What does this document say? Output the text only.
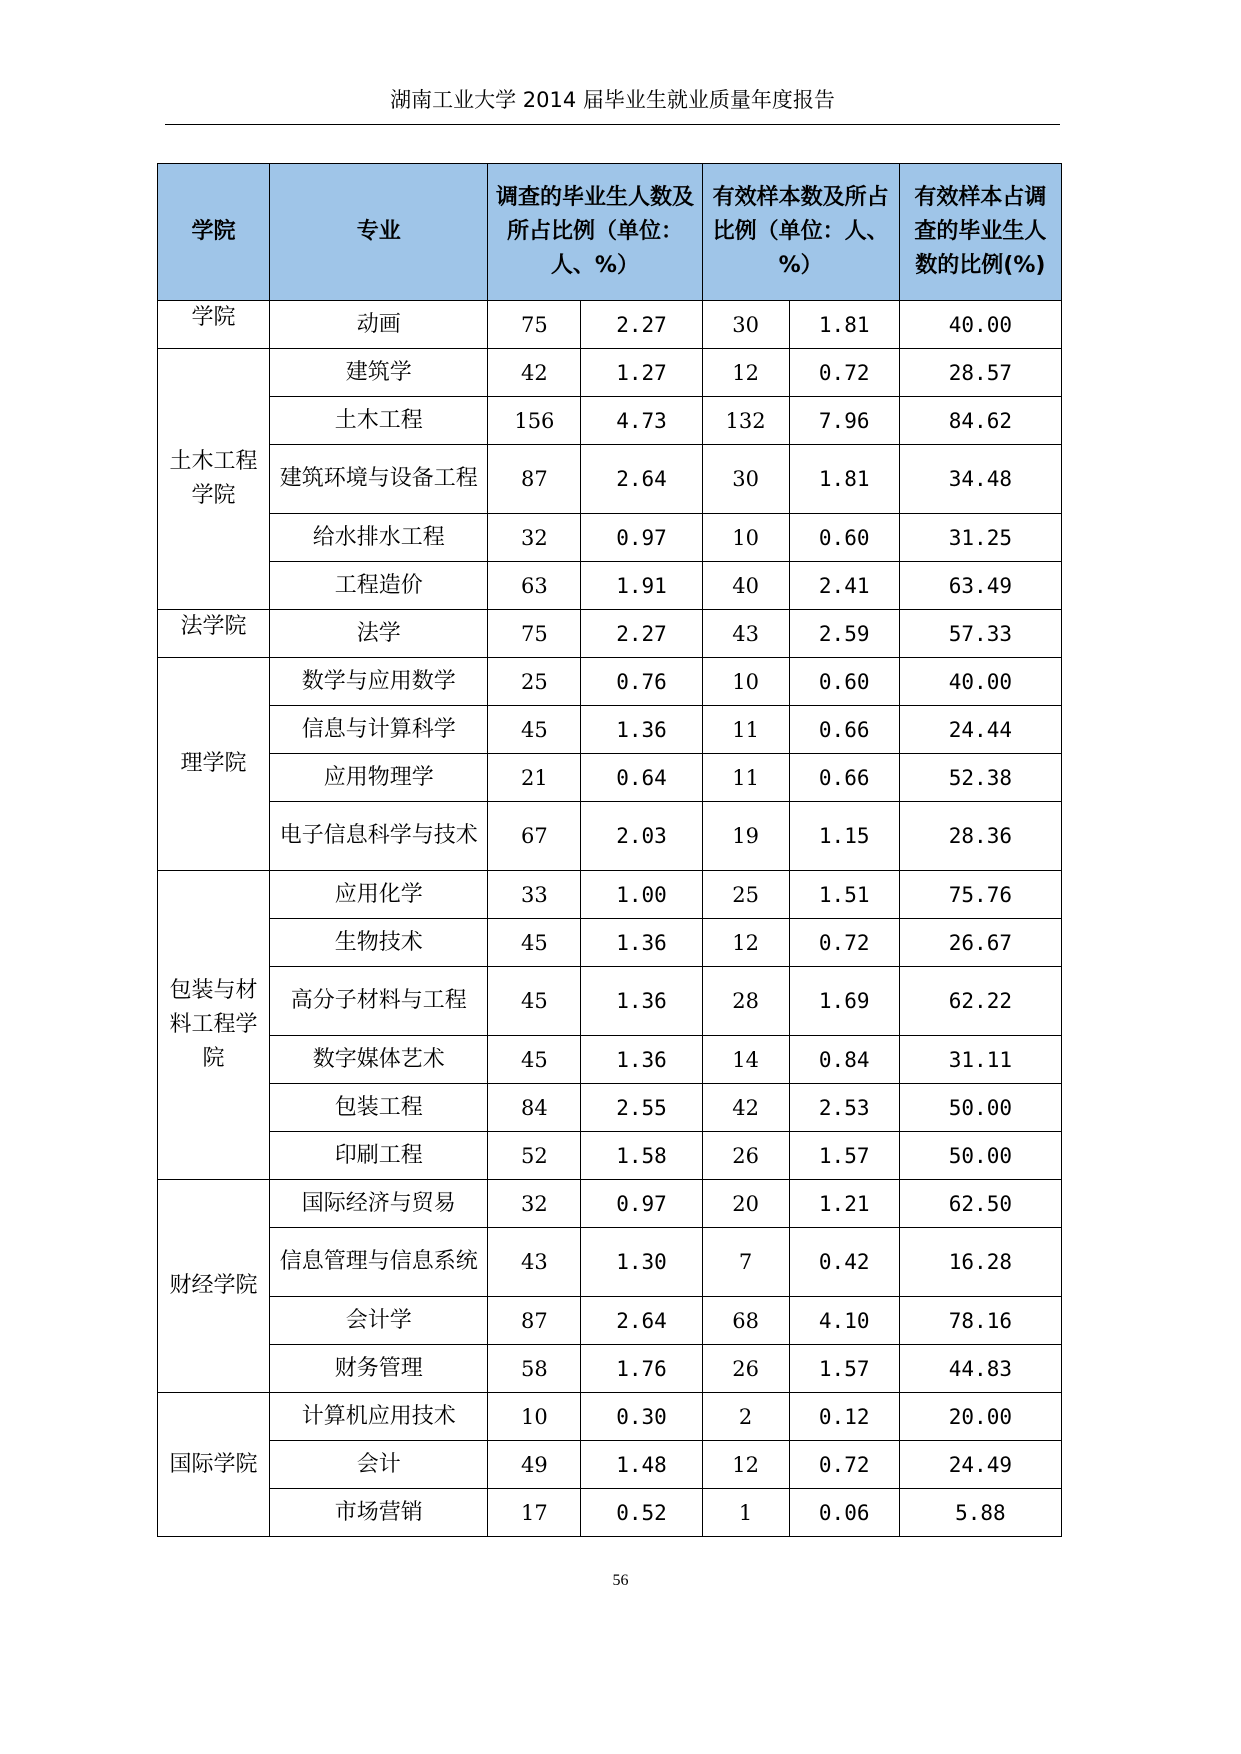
湖南工业大学 2014 届毕业生就业质量年度报告
学院	专业	调查的毕业生人数及所占比例（单位：人、%）		有效样本数及所占比例（单位：人、%）		有效样本占调查的毕业生人数的比例(%)
学院	动画	75	2.27	30	1.81	40.00
土木工程学院	建筑学	42	1.27	12	0.72	28.57
	土木工程	156	4.73	132	7.96	84.62
	建筑环境与设备工程	87	2.64	30	1.81	34.48
	给水排水工程	32	0.97	10	0.60	31.25
	工程造价	63	1.91	40	2.41	63.49
法学院	法学	75	2.27	43	2.59	57.33
理学院	数学与应用数学	25	0.76	10	0.60	40.00
	信息与计算科学	45	1.36	11	0.66	24.44
	应用物理学	21	0.64	11	0.66	52.38
	电子信息科学与技术	67	2.03	19	1.15	28.36
包装与材料工程学院	应用化学	33	1.00	25	1.51	75.76
	生物技术	45	1.36	12	0.72	26.67
	高分子材料与工程	45	1.36	28	1.69	62.22
	数字媒体艺术	45	1.36	14	0.84	31.11
	包装工程	84	2.55	42	2.53	50.00
	印刷工程	52	1.58	26	1.57	50.00
财经学院	国际经济与贸易	32	0.97	20	1.21	62.50
	信息管理与信息系统	43	1.30	7	0.42	16.28
	会计学	87	2.64	68	4.10	78.16
	财务管理	58	1.76	26	1.57	44.83
国际学院	计算机应用技术	10	0.30	2	0.12	20.00
	会计	49	1.48	12	0.72	24.49
	市场营销	17	0.52	1	0.06	5.88
56
